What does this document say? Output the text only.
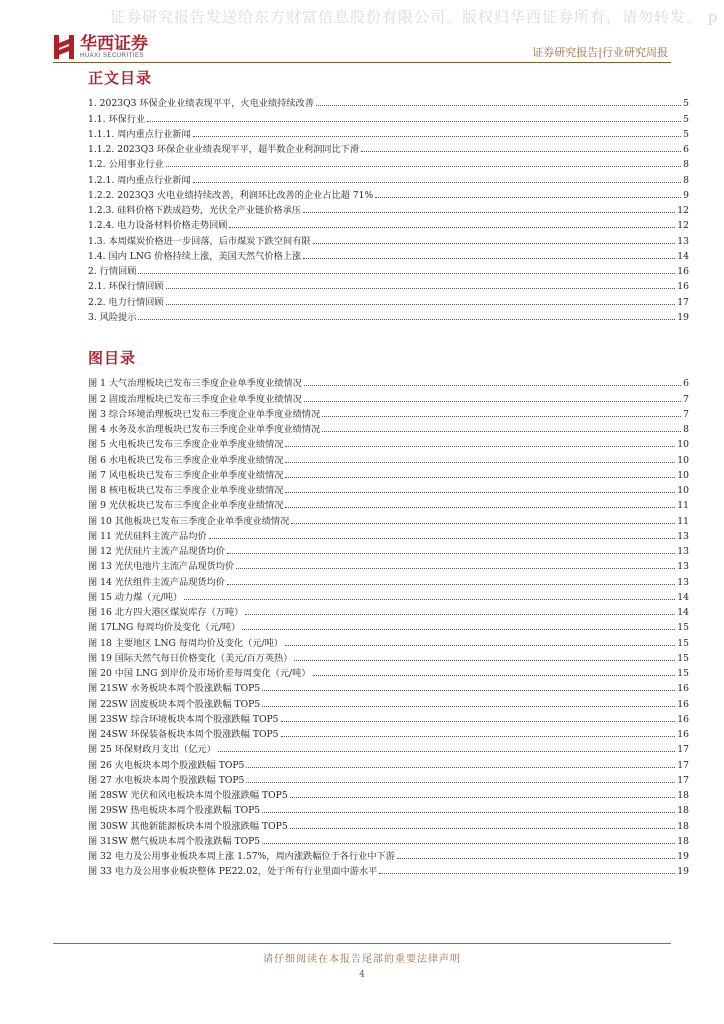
证券研究报告发送给东方财富信息股份有限公司。版权归华西证券所有，请勿转发。 p
华西证券
HUAXI SECURITIES	证券研究报告|行业研究周报
正文目录
1. 2023Q3 环保企业业绩表现平平，火电业绩持续改善	5
1.1. 环保行业	5
1.1.1. 周内重点行业新闻	5
1.1.2. 2023Q3 环保企业业绩表现平平，超半数企业利润同比下滑	6
1.2. 公用事业行业	8
1.2.1. 周内重点行业新闻	8
1.2.2. 2023Q3 火电业绩持续改善，利润环比改善的企业占比超 71%	9
1.2.3. 硅料价格下跌成趋势，光伏全产业链价格承压	12
1.2.4. 电力设备材料价格走势回顾	12
1.3. 本周煤炭价格进一步回落，后市煤炭下跌空间有限	13
1.4. 国内 LNG 价格持续上涨，美国天然气价格上涨	14
2. 行情回顾	16
2.1. 环保行情回顾	16
2.2. 电力行情回顾	17
3. 风险提示	19
图目录
图 1 大气治理板块已发布三季度企业单季度业绩情况	6
图 2 固废治理板块已发布三季度企业单季度业绩情况	7
图 3 综合环境治理板块已发布三季度企业单季度业绩情况	7
图 4 水务及水治理板块已发布三季度企业单季度业绩情况	8
图 5 火电板块已发布三季度企业单季度业绩情况	10
图 6 水电板块已发布三季度企业单季度业绩情况	10
图 7 风电板块已发布三季度企业单季度业绩情况	10
图 8 核电板块已发布三季度企业单季度业绩情况	10
图 9 光伏板块已发布三季度企业单季度业绩情况	11
图 10 其他板块已发布三季度企业单季度业绩情况	11
图 11 光伏硅料主流产品均价	13
图 12 光伏硅片主流产品现货均价	13
图 13 光伏电池片主流产品现货均价	13
图 14 光伏组件主流产品现货均价	13
图 15 动力煤（元/吨）	14
图 16 北方四大港区煤炭库存（万吨）	14
图 17LNG 每周均价及变化（元/吨）	15
图 18 主要地区 LNG 每周均价及变化（元/吨）	15
图 19 国际天然气每日价格变化（美元/百万英热）	15
图 20 中国 LNG 到岸价及市场价差每周变化（元/吨）	15
图 21SW 水务板块本周个股涨跌幅 TOP5	16
图 22SW 固废板块本周个股涨跌幅 TOP5	16
图 23SW 综合环境板块本周个股涨跌幅 TOP5	16
图 24SW 环保装备板块本周个股涨跌幅 TOP5	16
图 25 环保财政月支出（亿元）	17
图 26 火电板块本周个股涨跌幅 TOP5	17
图 27 水电板块本周个股涨跌幅 TOP5	17
图 28SW 光伏和风电板块本周个股涨跌幅 TOP5	18
图 29SW 热电板块本周个股涨跌幅 TOP5	18
图 30SW 其他新能源板块本周个股涨跌幅 TOP5	18
图 31SW 燃气板块本周个股涨跌幅 TOP5	18
图 32 电力及公用事业板块本周上涨 1.57%，周内涨跌幅位于各行业中下游	19
图 33 电力及公用事业板块整体 PE22.02，处于所有行业里面中游水平	19
请仔细阅读在本报告尾部的重要法律声明
4
